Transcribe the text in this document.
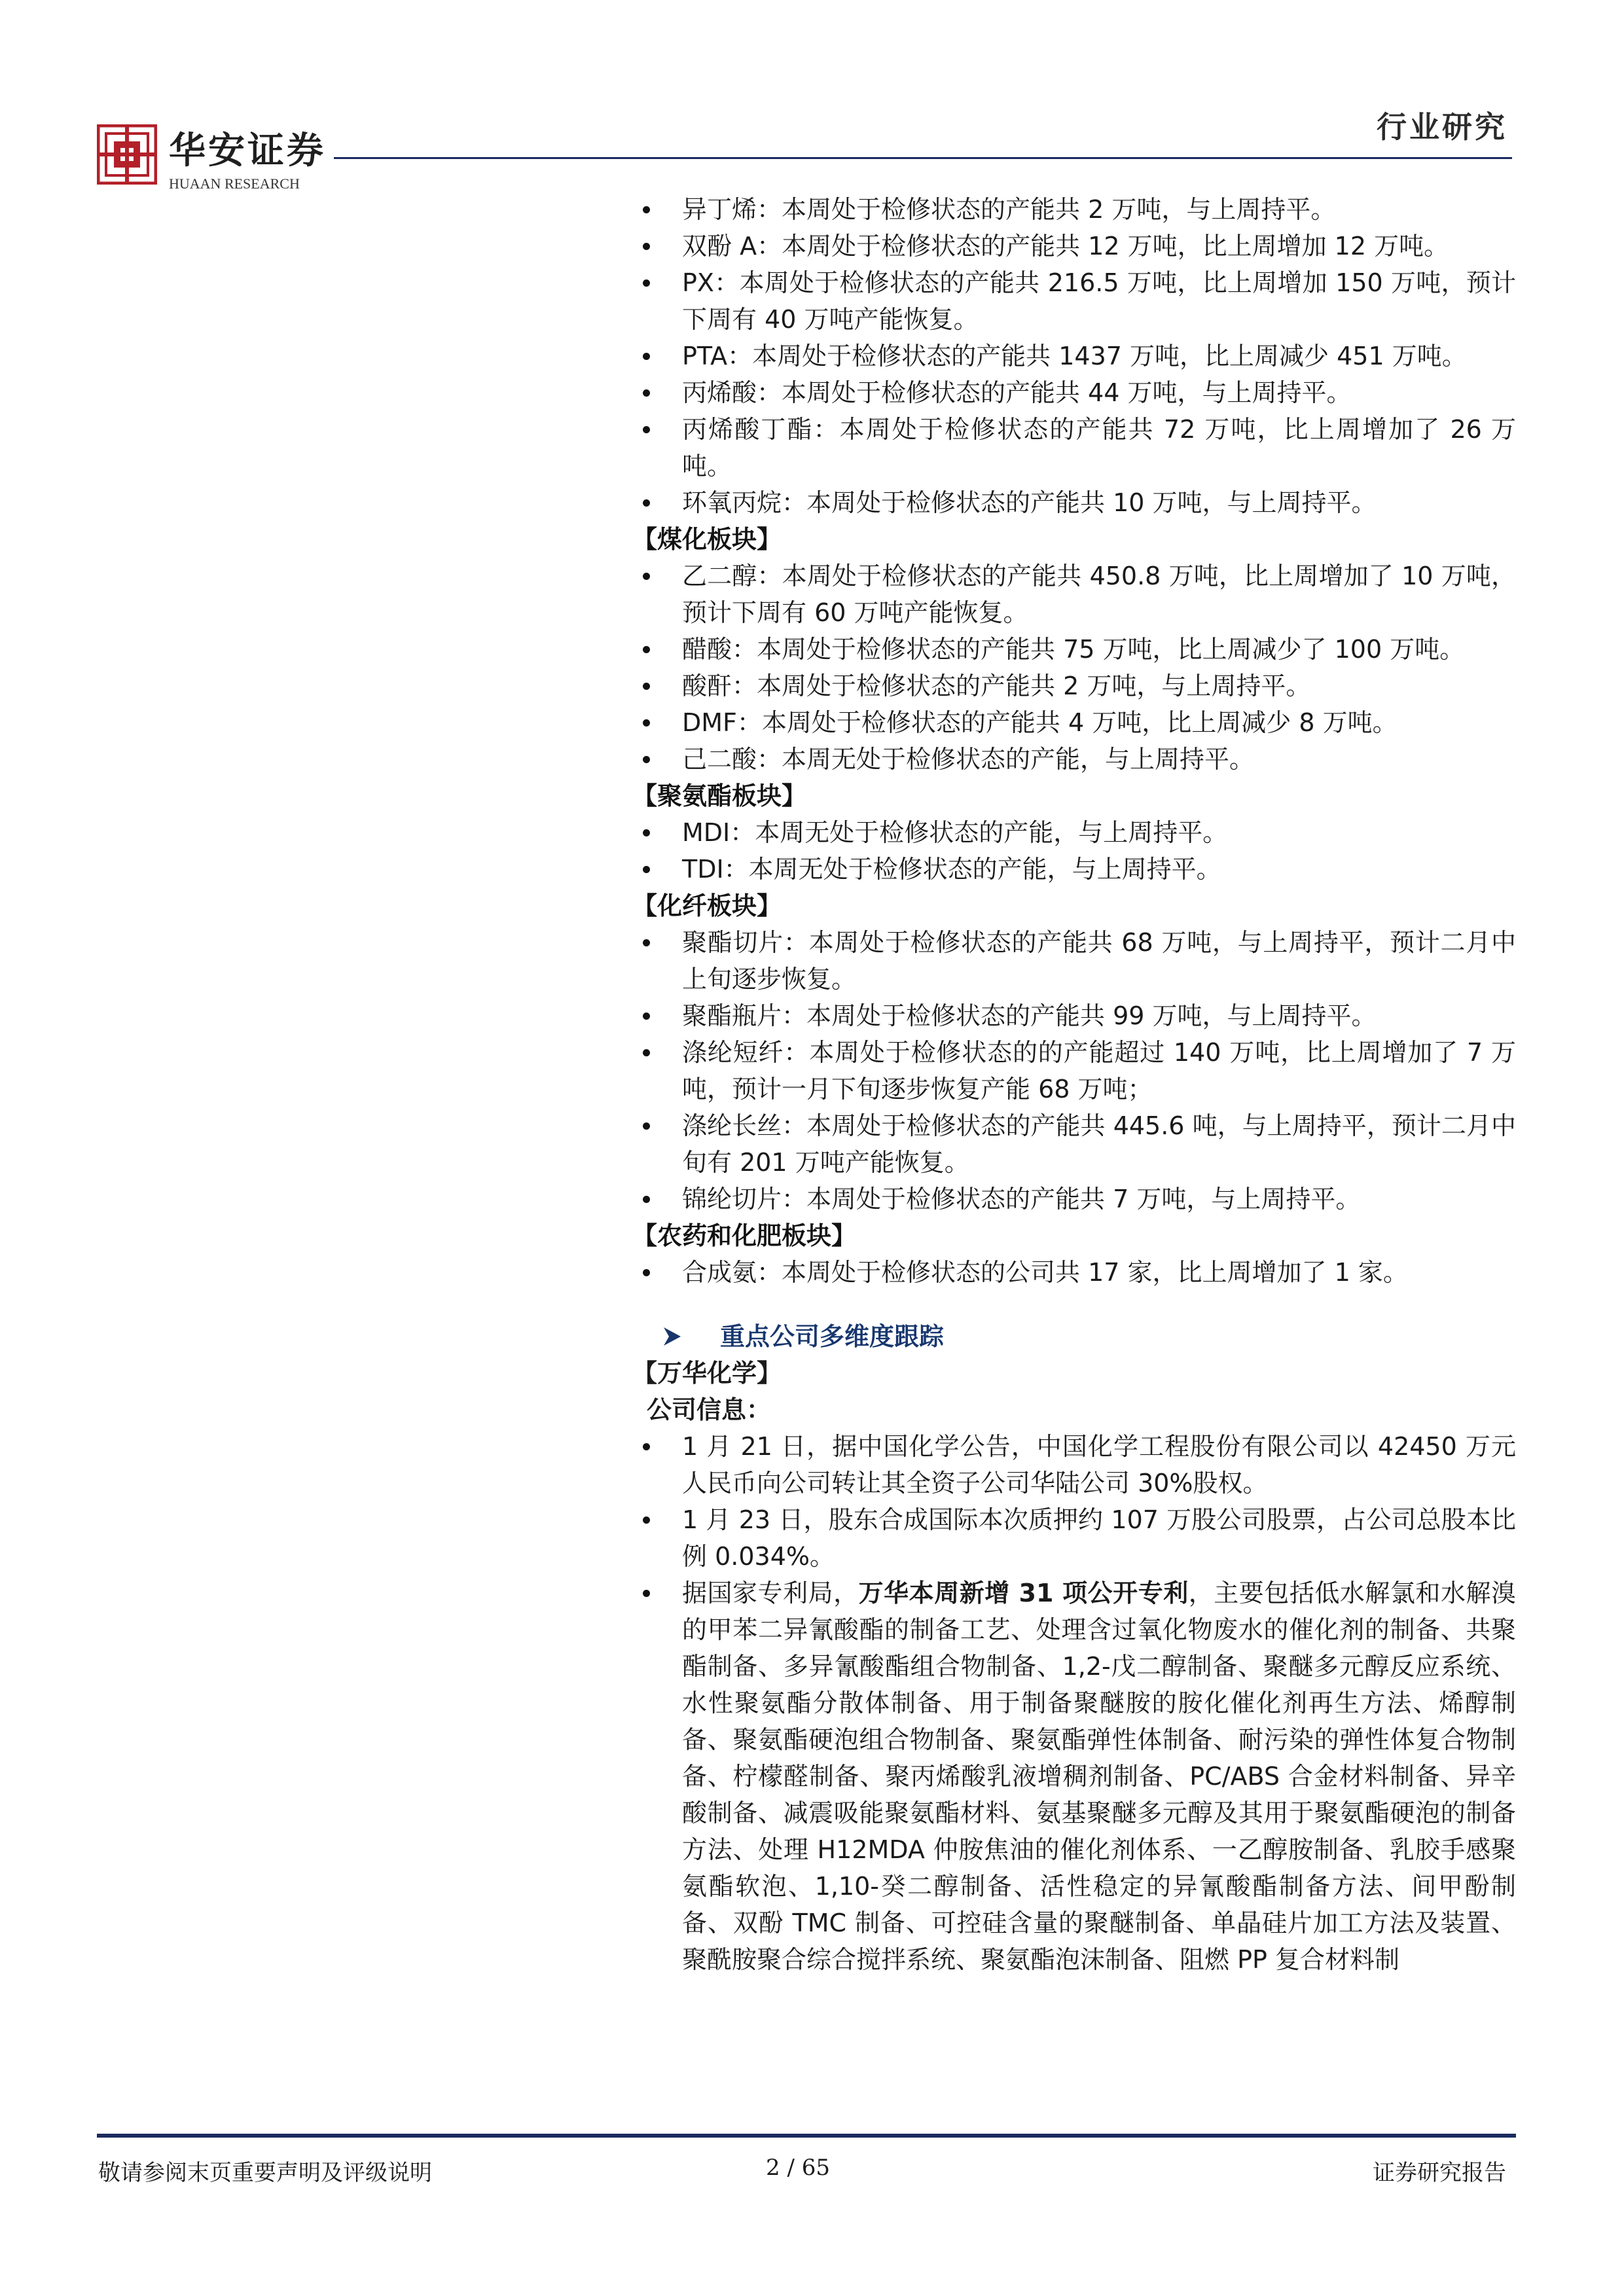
华安证券
HUAAN RESEARCH
行业研究
异丁烯：本周处于检修状态的产能共 2 万吨，与上周持平。
双酚 A：本周处于检修状态的产能共 12 万吨，比上周增加 12 万吨。
PX：本周处于检修状态的产能共 216.5 万吨，比上周增加 150 万吨，预计下周有 40 万吨产能恢复。
PTA：本周处于检修状态的产能共 1437 万吨，比上周减少 451 万吨。
丙烯酸：本周处于检修状态的产能共 44 万吨，与上周持平。
丙烯酸丁酯：本周处于检修状态的产能共 72 万吨，比上周增加了 26 万吨。
环氧丙烷：本周处于检修状态的产能共 10 万吨，与上周持平。
【煤化板块】
乙二醇：本周处于检修状态的产能共 450.8 万吨，比上周增加了 10 万吨，预计下周有 60 万吨产能恢复。
醋酸：本周处于检修状态的产能共 75 万吨，比上周减少了 100 万吨。
酸酐：本周处于检修状态的产能共 2 万吨，与上周持平。
DMF：本周处于检修状态的产能共 4 万吨，比上周减少 8 万吨。
己二酸：本周无处于检修状态的产能，与上周持平。
【聚氨酯板块】
MDI：本周无处于检修状态的产能，与上周持平。
TDI：本周无处于检修状态的产能，与上周持平。
【化纤板块】
聚酯切片：本周处于检修状态的产能共 68 万吨，与上周持平，预计二月中上旬逐步恢复。
聚酯瓶片：本周处于检修状态的产能共 99 万吨，与上周持平。
涤纶短纤：本周处于检修状态的的产能超过 140 万吨，比上周增加了 7 万吨，预计一月下旬逐步恢复产能 68 万吨；
涤纶长丝：本周处于检修状态的产能共 445.6 吨，与上周持平，预计二月中旬有 201 万吨产能恢复。
锦纶切片：本周处于检修状态的产能共 7 万吨，与上周持平。
【农药和化肥板块】
合成氨：本周处于检修状态的公司共 17 家，比上周增加了 1 家。
重点公司多维度跟踪
【万华化学】
公司信息：
1 月 21 日，据中国化学公告，中国化学工程股份有限公司以 42450 万元人民币向公司转让其全资子公司华陆公司 30%股权。
1 月 23 日，股东合成国际本次质押约 107 万股公司股票，占公司总股本比例 0.034%。
据国家专利局，万华本周新增 31 项公开专利，主要包括低水解氯和水解溴的甲苯二异氰酸酯的制备工艺、处理含过氧化物废水的催化剂的制备、共聚酯制备、多异氰酸酯组合物制备、1,2-戊二醇制备、聚醚多元醇反应系统、水性聚氨酯分散体制备、用于制备聚醚胺的胺化催化剂再生方法、烯醇制备、聚氨酯硬泡组合物制备、聚氨酯弹性体制备、耐污染的弹性体复合物制备、柠檬醛制备、聚丙烯酸乳液增稠剂制备、PC/ABS 合金材料制备、异辛酸制备、减震吸能聚氨酯材料、氨基聚醚多元醇及其用于聚氨酯硬泡的制备方法、处理 H12MDA 仲胺焦油的催化剂体系、一乙醇胺制备、乳胶手感聚氨酯软泡、1,10-癸二醇制备、活性稳定的异氰酸酯制备方法、间甲酚制备、双酚 TMC 制备、可控硅含量的聚醚制备、单晶硅片加工方法及装置、聚酰胺聚合综合搅拌系统、聚氨酯泡沫制备、阻燃 PP 复合材料制
敬请参阅末页重要声明及评级说明	2 / 65	证券研究报告
